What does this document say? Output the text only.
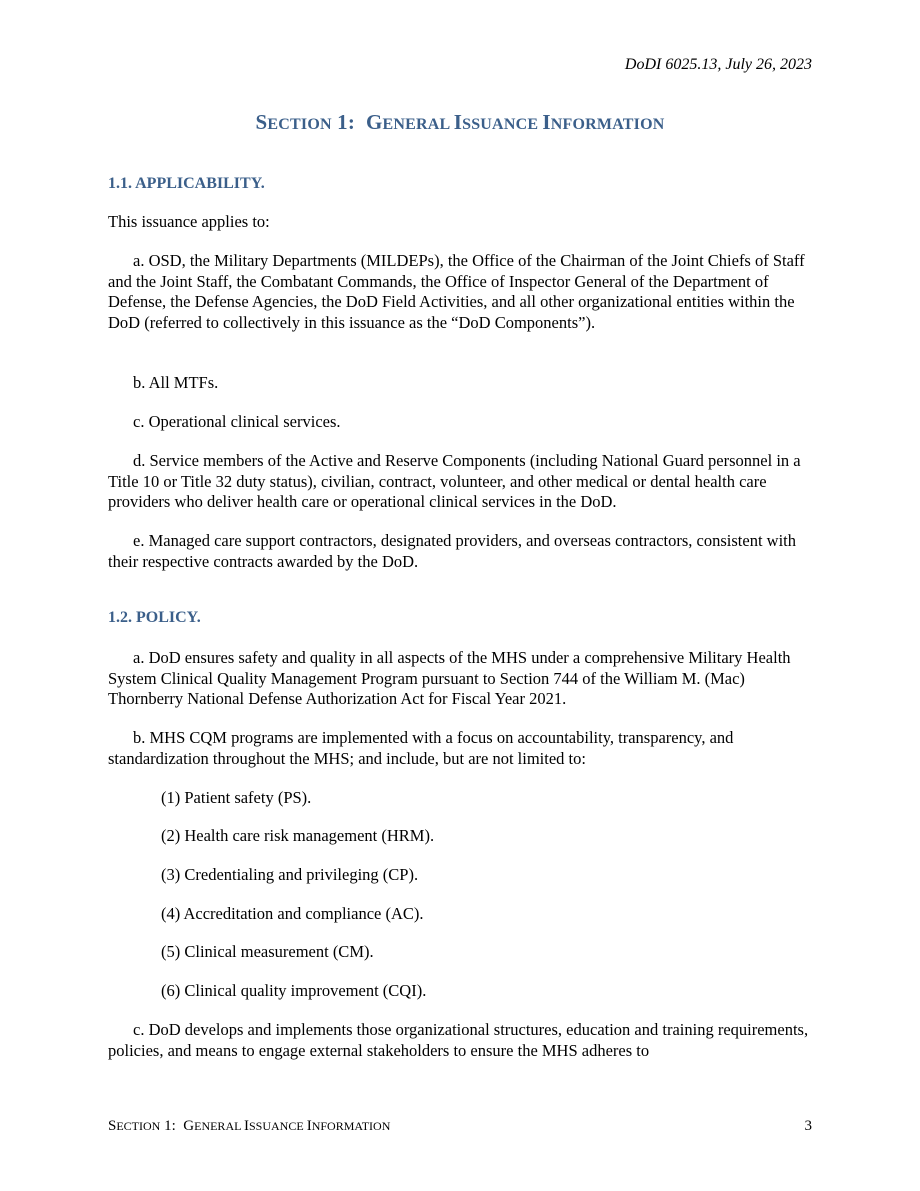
DoDI 6025.13, July 26, 2023
SECTION 1:  GENERAL ISSUANCE INFORMATION
1.1. APPLICABILITY.
This issuance applies to:
a. OSD, the Military Departments (MILDEPs), the Office of the Chairman of the Joint Chiefs of Staff and the Joint Staff, the Combatant Commands, the Office of Inspector General of the Department of Defense, the Defense Agencies, the DoD Field Activities, and all other organizational entities within the DoD (referred to collectively in this issuance as the “DoD Components”).
b. All MTFs.
c. Operational clinical services.
d. Service members of the Active and Reserve Components (including National Guard personnel in a Title 10 or Title 32 duty status), civilian, contract, volunteer, and other medical or dental health care providers who deliver health care or operational clinical services in the DoD.
e. Managed care support contractors, designated providers, and overseas contractors, consistent with their respective contracts awarded by the DoD.
1.2. POLICY.
a. DoD ensures safety and quality in all aspects of the MHS under a comprehensive Military Health System Clinical Quality Management Program pursuant to Section 744 of the William M. (Mac) Thornberry National Defense Authorization Act for Fiscal Year 2021.
b. MHS CQM programs are implemented with a focus on accountability, transparency, and standardization throughout the MHS; and include, but are not limited to:
(1) Patient safety (PS).
(2) Health care risk management (HRM).
(3) Credentialing and privileging (CP).
(4) Accreditation and compliance (AC).
(5) Clinical measurement (CM).
(6) Clinical quality improvement (CQI).
c. DoD develops and implements those organizational structures, education and training requirements, policies, and means to engage external stakeholders to ensure the MHS adheres to
SECTION 1:  GENERAL ISSUANCE INFORMATION	3
